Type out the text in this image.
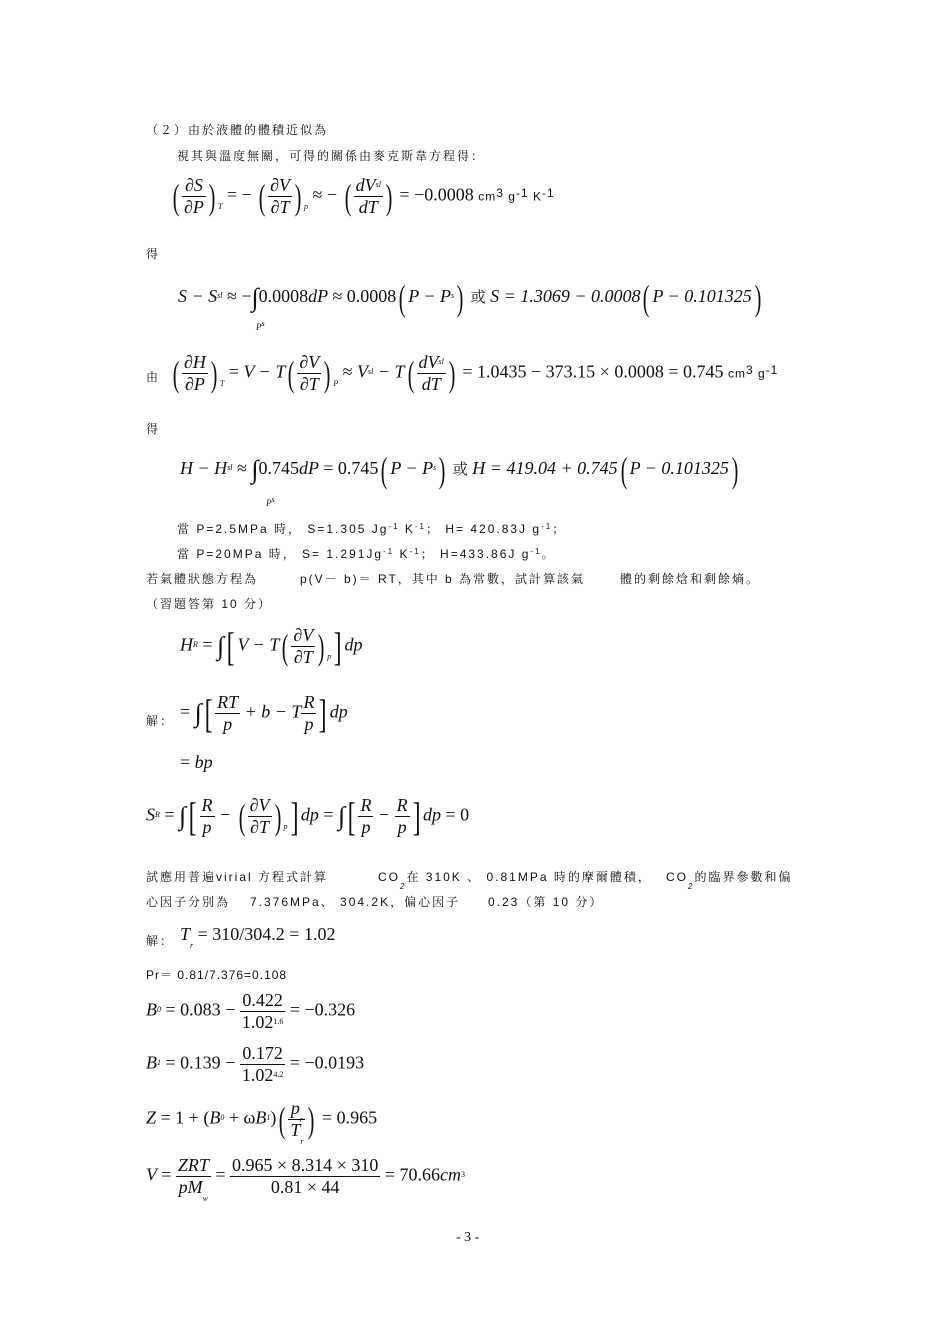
（２）由於液體的體積近似為
視其與溫度無關，可得的關係由麥克斯韋方程得：
( $\frac{\partial S}{\partial P}$ ) $_T$ = − ( $\frac{\partial V}{\partial T}$ ) $_p$ ≈ − ( $\frac{dV^{sl}}{dT}$ ) = −0.0008 $cm^3$ $g^{-1}$ $K^{-1}$
得
$S - S^{sl} \approx -\int 0.0008dP \approx 0.0008$( $P - P^s$) 或 S = 1.3069 − 0.0008( P − 0.101325)
Ps
由 ( $\frac{\partial H}{\partial P}$ ) $_T = V - T( \frac{\partial V}{\partial T}$ ) $_P \approx V^{sl} - T( \frac{dV^{sl}}{dT}$ ) = 1.0435 − 373.15 × 0.0008 = 0.745 $cm^3$ $g^{-1}$
得
$H - H^{sl} \approx \int 0.745dP = 0.745$( $P - P^s$) 或 H = 419.04 + 0.745( P − 0.101325)
Ps
當 P=2.5MPa 時， S=1.305 $Jg^{-1}$ $K^{-1}$； H= 420.83J $g^{-1}$；
當 P=20MPa 時， $S= 1.291Jg^{-1}$ $K^{-1}$； H=433.86J $g^{-1}$。
若氣體狀態方程為	p(V－ b)＝ RT，其中 b 為常數，試計算該氣	體的剩餘焓和剩餘熵。
（習題答 第 10 分）
$H^R$ = ∫[ $V - T( \frac{\partial V}{\partial T}$ ) $_p$] dp
解： = ∫[ $\frac{RT}{p} + b - T \frac{R}{p}$ ] dp
= bp
$S^R$ = ∫[ $\frac{R}{p}$ − ( $\frac{\partial V}{\partial T}$ ) $_p$] dp = ∫[ $\frac{R}{p} - \frac{R}{p}$ ] dp = 0
試應用普遍 virial 方程式計算	$CO_2$在 310K 、 0.81MPa 時的摩爾體積， $CO_2$的臨界參數和偏
心因子分別為 7.376MPa、 304.2K，偏心因子 0.23（第 10 分）
解： $T_r = 310/304.2 = 1.02$
Pr＝ 0.81/7.376=0.108
$B^0 = 0.083 - \frac{0.422}{1.02^{1.6}} = -0.326$
$B^1 = 0.139 - \frac{0.172}{1.02^{4.2}} = -0.0193$
$Z = 1 + (B^0 + \omega B^1)( \frac{p_r}{T_r}$ ) = 0.965
$V = \frac{\text{ZRT}}{pM_w} = \frac{0.965 \times 8.314 \times 310}{0.81 \times 44} = 70.66cm^3$
- 3 -
